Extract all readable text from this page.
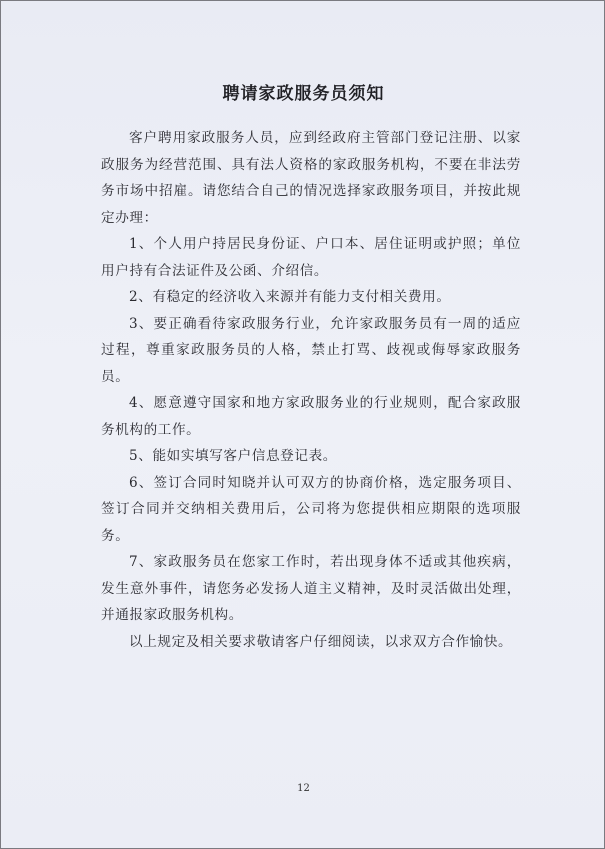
聘请家政服务员须知

客户聘用家政服务人员，应到经政府主管部门登记注册、以家政服务为经营范围、具有法人资格的家政服务机构，不要在非法劳务市场中招雇。请您结合自己的情况选择家政服务项目，并按此规定办理：

1、个人用户持居民身份证、户口本、居住证明或护照；单位用户持有合法证件及公函、介绍信。

2、有稳定的经济收入来源并有能力支付相关费用。

3、要正确看待家政服务行业，允许家政服务员有一周的适应过程，尊重家政服务员的人格，禁止打骂、歧视或侮辱家政服务员。

4、愿意遵守国家和地方家政服务业的行业规则，配合家政服务机构的工作。

5、能如实填写客户信息登记表。

6、签订合同时知晓并认可双方的协商价格，选定服务项目、签订合同并交纳相关费用后，公司将为您提供相应期限的选项服务。

7、家政服务员在您家工作时，若出现身体不适或其他疾病，发生意外事件，请您务必发扬人道主义精神，及时灵活做出处理，并通报家政服务机构。

以上规定及相关要求敬请客户仔细阅读，以求双方合作愉快。

12
